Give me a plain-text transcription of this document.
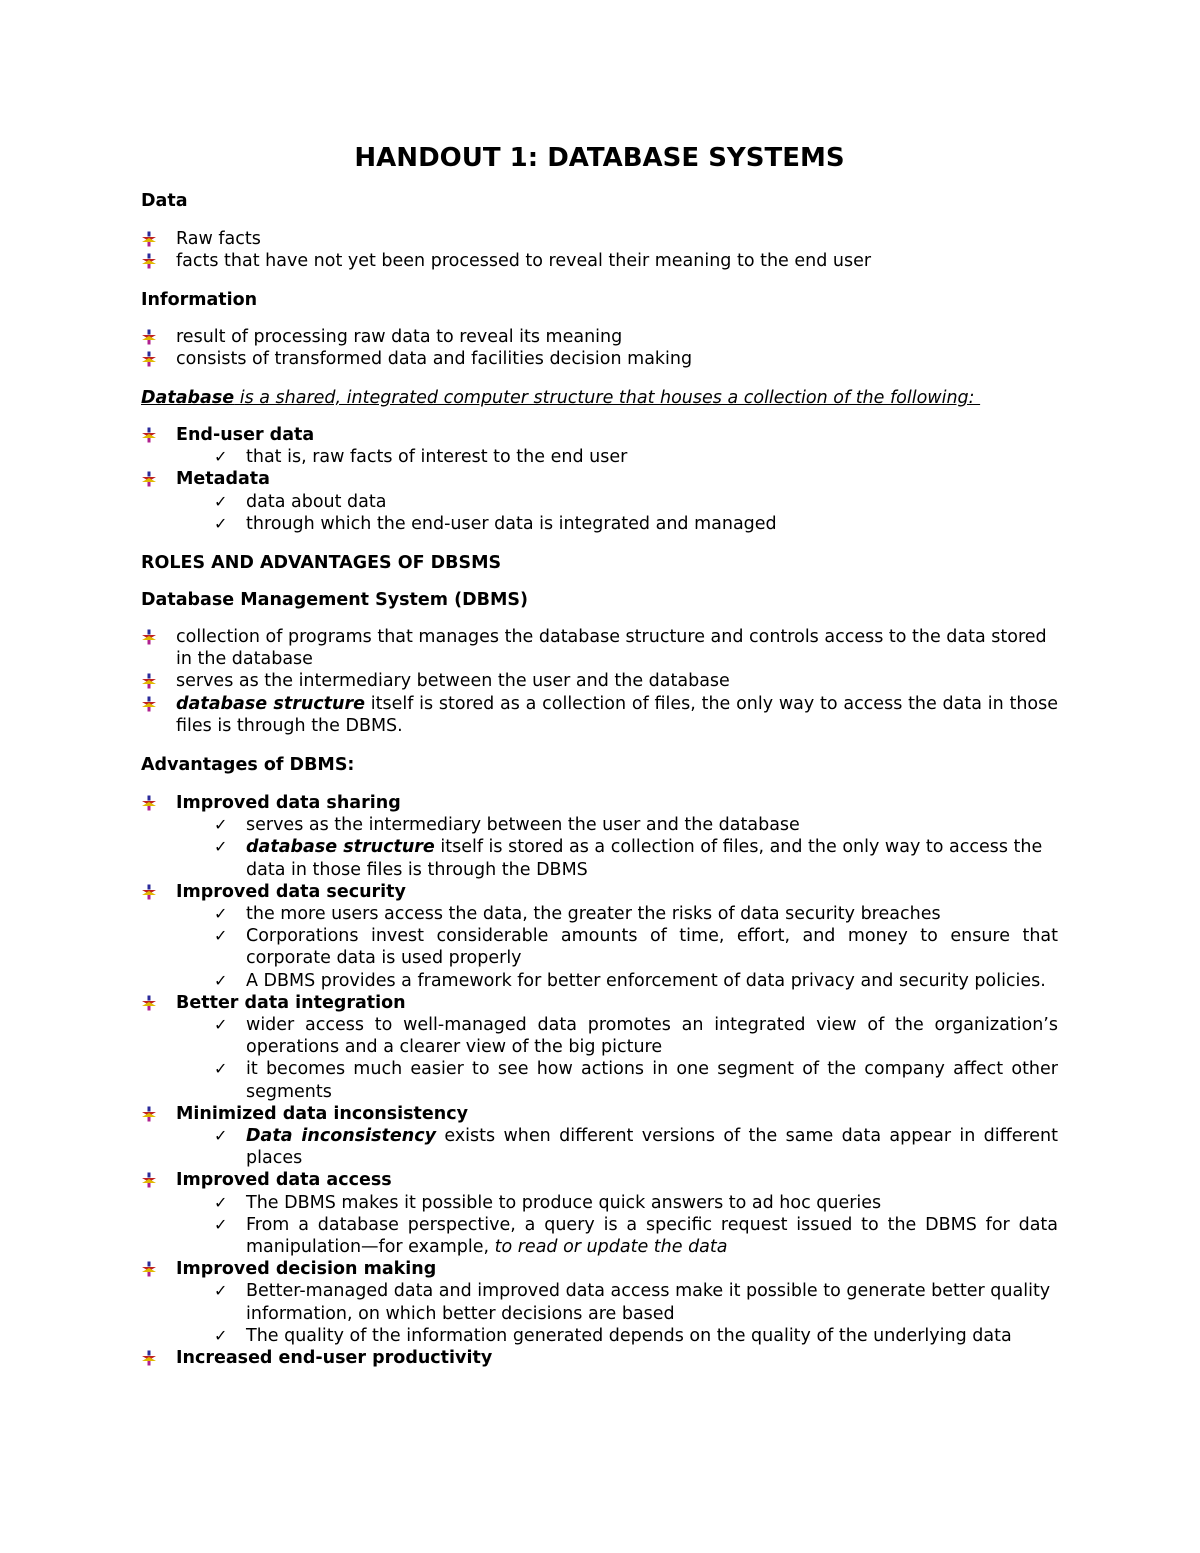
HANDOUT 1: DATABASE SYSTEMS
Data
Raw facts
facts that have not yet been processed to reveal their meaning to the end user
Information
result of processing raw data to reveal its meaning
consists of transformed data and facilities decision making
Database is a shared, integrated computer structure that houses a collection of the following:
End-user data
✓ that is, raw facts of interest to the end user
Metadata
✓ data about data
✓ through which the end-user data is integrated and managed
ROLES AND ADVANTAGES OF DBSMS
Database Management System (DBMS)
collection of programs that manages the database structure and controls access to the data stored in the database
serves as the intermediary between the user and the database
database structure itself is stored as a collection of files, the only way to access the data in those files is through the DBMS.
Advantages of DBMS:
Improved data sharing
✓ serves as the intermediary between the user and the database
✓ database structure itself is stored as a collection of files, and the only way to access the data in those files is through the DBMS
Improved data security
✓ the more users access the data, the greater the risks of data security breaches
✓ Corporations invest considerable amounts of time, effort, and money to ensure that corporate data is used properly
✓ A DBMS provides a framework for better enforcement of data privacy and security policies.
Better data integration
✓ wider access to well-managed data promotes an integrated view of the organization’s operations and a clearer view of the big picture
✓ it becomes much easier to see how actions in one segment of the company affect other segments
Minimized data inconsistency
✓ Data inconsistency exists when different versions of the same data appear in different places
Improved data access
✓ The DBMS makes it possible to produce quick answers to ad hoc queries
✓ From a database perspective, a query is a specific request issued to the DBMS for data manipulation—for example, to read or update the data
Improved decision making
✓ Better-managed data and improved data access make it possible to generate better quality information, on which better decisions are based
✓ The quality of the information generated depends on the quality of the underlying data
Increased end-user productivity
